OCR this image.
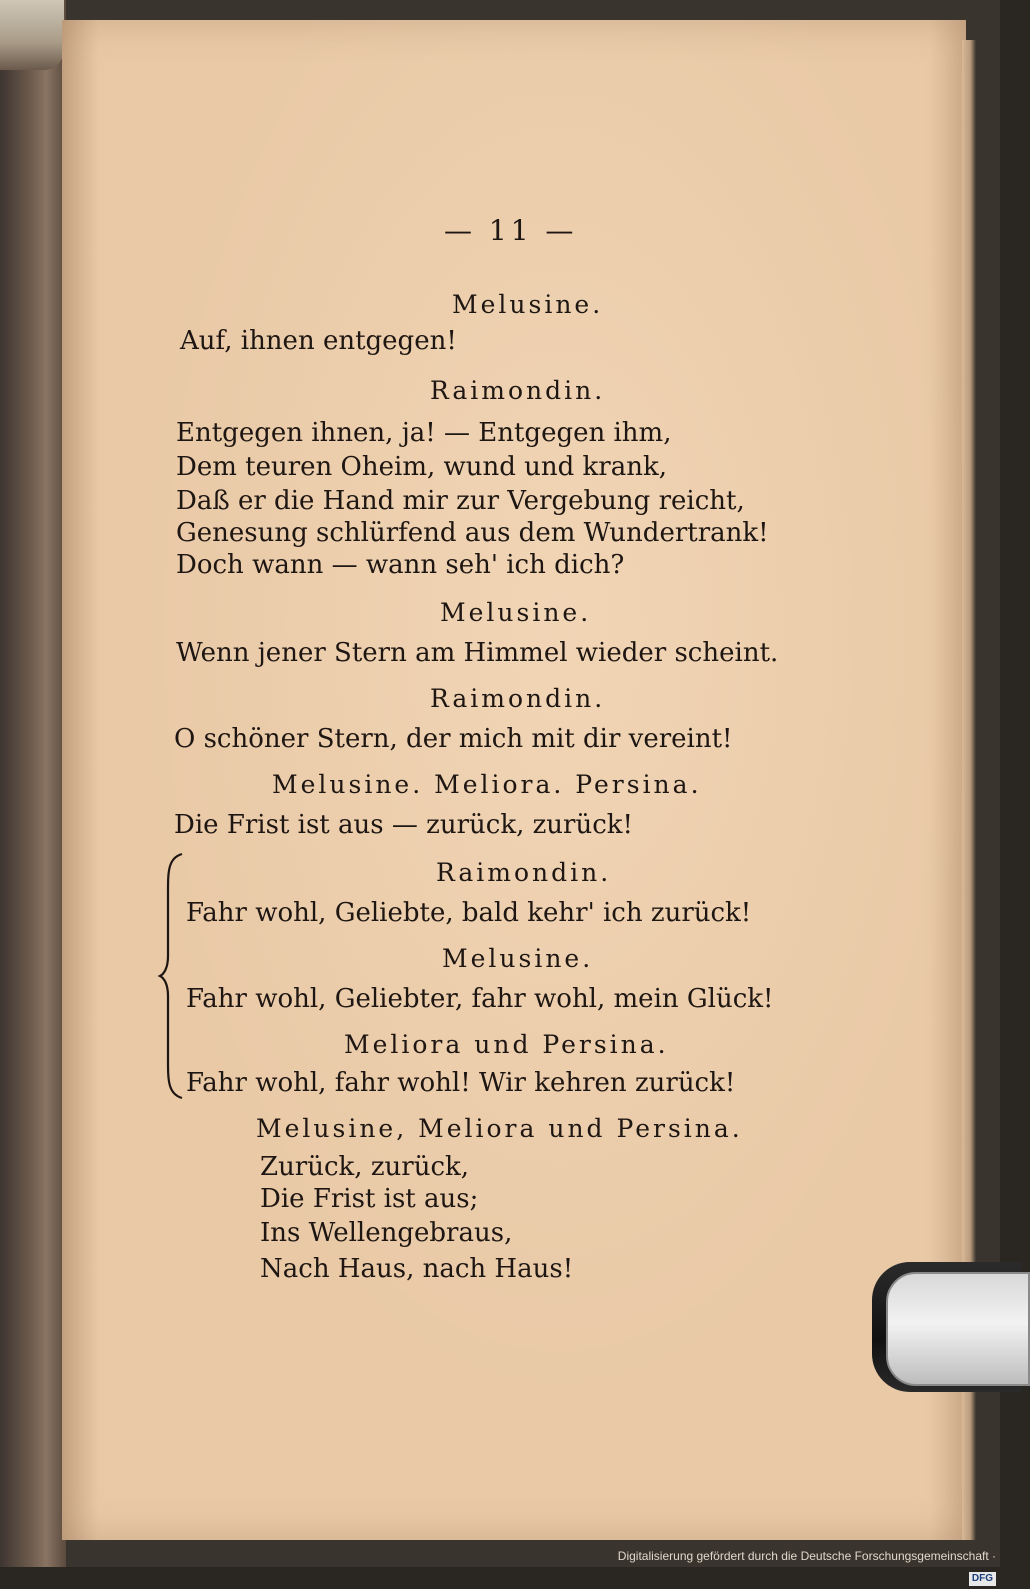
— 11 —
Melusine.
Auf, ihnen entgegen!
Raimondin.
Entgegen ihnen, ja! — Entgegen ihm,
Dem teuren Oheim, wund und krank,
Daß er die Hand mir zur Vergebung reicht,
Genesung schlürfend aus dem Wundertrank!
Doch wann — wann seh' ich dich?
Melusine.
Wenn jener Stern am Himmel wieder scheint.
Raimondin.
O schöner Stern, der mich mit dir vereint!
Melusine. Meliora. Persina.
Die Frist ist aus — zurück, zurück!
Raimondin.
Fahr wohl, Geliebte, bald kehr' ich zurück!
Melusine.
Fahr wohl, Geliebter, fahr wohl, mein Glück!
Meliora und Persina.
Fahr wohl, fahr wohl! Wir kehren zurück!
Melusine, Meliora und Persina.
Zurück, zurück,
Die Frist ist aus;
Ins Wellengebraus,
Nach Haus, nach Haus!
Digitalisierung gefördert durch die Deutsche Forschungsgemeinschaft ·DFG
